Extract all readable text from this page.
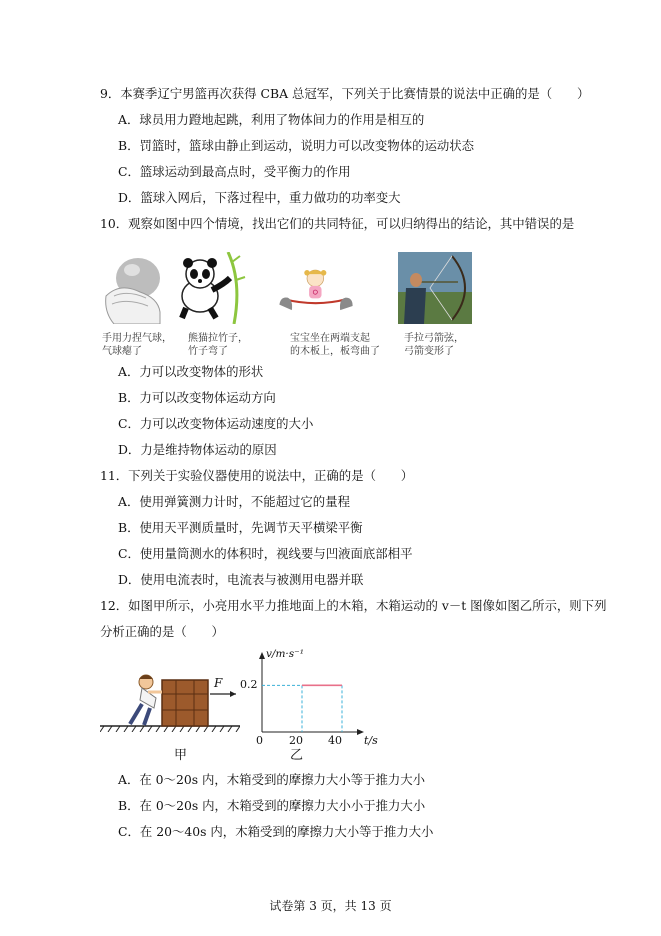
9．本赛季辽宁男篮再次获得 CBA 总冠军，下列关于比赛情景的说法中正确的是（　　）
A．球员用力蹬地起跳，利用了物体间力的作用是相互的
B．罚篮时，篮球由静止到运动，说明力可以改变物体的运动状态
C．篮球运动到最高点时，受平衡力的作用
D．篮球入网后，下落过程中，重力做功的功率变大
10．观察如图中四个情境，找出它们的共同特征，可以归纳得出的结论，其中错误的是
手用力捏气球，
气球瘪了
熊猫拉竹子，
竹子弯了
宝宝坐在两端支起
的木板上，板弯曲了
手拉弓箭弦，
弓箭变形了
A．力可以改变物体的形状
B．力可以改变物体运动方向
C．力可以改变物体运动速度的大小
D．力是维持物体运动的原因
11．下列关于实验仪器使用的说法中，正确的是（　　）
A．使用弹簧测力计时，不能超过它的量程
B．使用天平测质量时，先调节天平横梁平衡
C．使用量筒测水的体积时，视线要与凹液面底部相平
D．使用电流表时，电流表与被测用电器并联
12．如图甲所示，小亮用水平力推地面上的木箱，木箱运动的 v－t 图像如图乙所示，则下列
分析正确的是（　　）
F
甲
v/m·s⁻¹
0.2
0 20 40 t/s
乙
A．在 0～20s 内，木箱受到的摩擦力大小等于推力大小
B．在 0～20s 内，木箱受到的摩擦力大小小于推力大小
C．在 20～40s 内，木箱受到的摩擦力大小等于推力大小
试卷第 3 页，共 13 页
